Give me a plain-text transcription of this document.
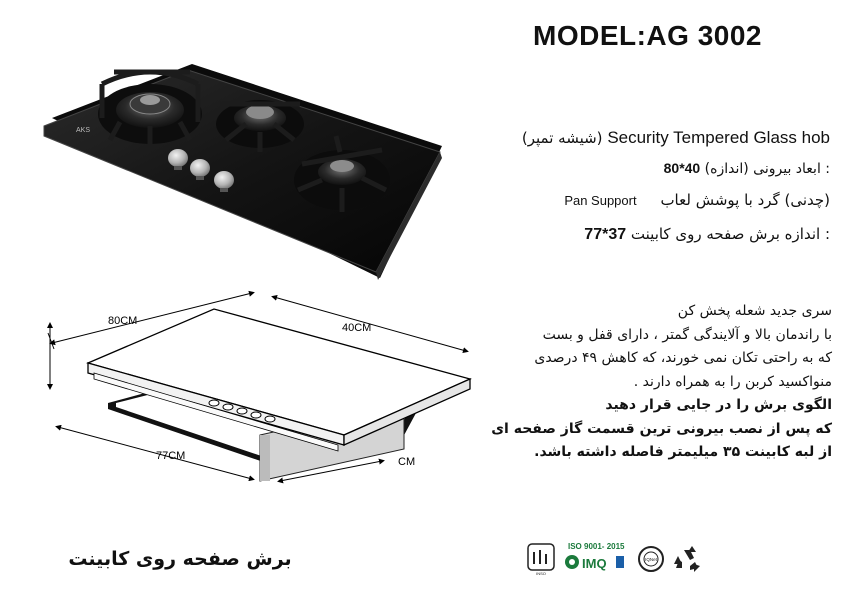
MODEL:AG 3002
AKS	Security Tempered Glass hob (شیشه تمپر)
: ابعاد بیرونی (اندازه) 80*40
(چدنی) گرد با پوشش لعاب     Pan Support
: اندازه برش صفحه روی کابینت 77*37
80CM
40CM
77CM	CM
سری جدید شعله پخش کن
با راندمان بالا و آلایندگی گمتر ، دارای قفل و بست
که به راحتی تکان نمی خورند، که کاهش ۴۹ درصدی
منواکسید کربن را به همراه دارند .
الگوی برش را در جایی قرار دهید
که پس از نصب بیرونی ترین قسمت گاز صفحه ای
از لبه کابینت ۳۵ میلیمتر فاصله داشته باشد.
برش صفحه روی کابینت
INSO
ISO 9001- 2015
IMQ	IQNet
